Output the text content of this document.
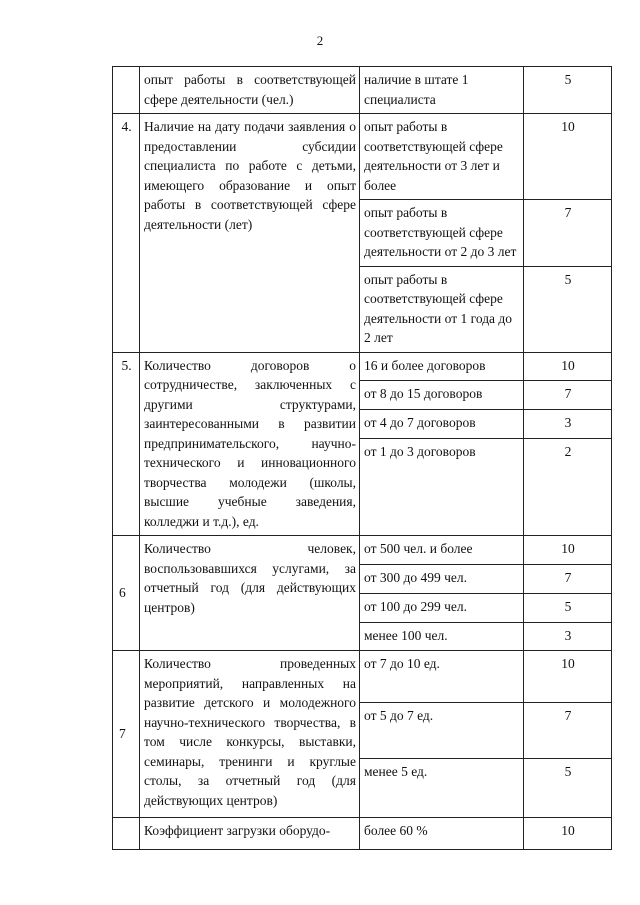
2
	опыт работы в соответствующей сфере деятельности (чел.)	наличие в штате 1 специалиста	5
4.	Наличие на дату подачи заявления о предоставлении субсидии специалиста по работе с детьми, имеющего образование и опыт работы в соответствующей сфере деятельности (лет)	опыт работы в соответствующей сфере деятельности от 3 лет и более	10
		опыт работы в соответствующей сфере деятельности от 2 до 3 лет	7
		опыт работы в соответствующей сфере деятельности от 1 года до 2 лет	5
5.	Количество договоров о сотрудничестве, заключенных с другими структурами, заинтересованными в развитии предпринимательского, научно-технического и инновационного творчества молодежи (школы, высшие учебные заведения, колледжи и т.д.), ед.	16 и более договоров	10
		от 8 до 15 договоров	7
		от 4 до 7 договоров	3
		от 1 до 3 договоров	2
6	Количество человек, воспользовавшихся услугами, за отчетный год (для действующих центров)	от 500 чел. и более	10
		от 300 до 499 чел.	7
		от 100 до 299 чел.	5
		менее 100 чел.	3
7	Количество проведенных мероприятий, направленных на развитие детского и молодежного научно-технического творчества, в том числе конкурсы, выставки, семинары, тренинги и круглые столы, за отчетный год (для действующих центров)	от 7 до 10 ед.	10
		от 5 до 7 ед.	7
		менее 5 ед.	5
	Коэффициент загрузки оборудо-	более 60 %	10
